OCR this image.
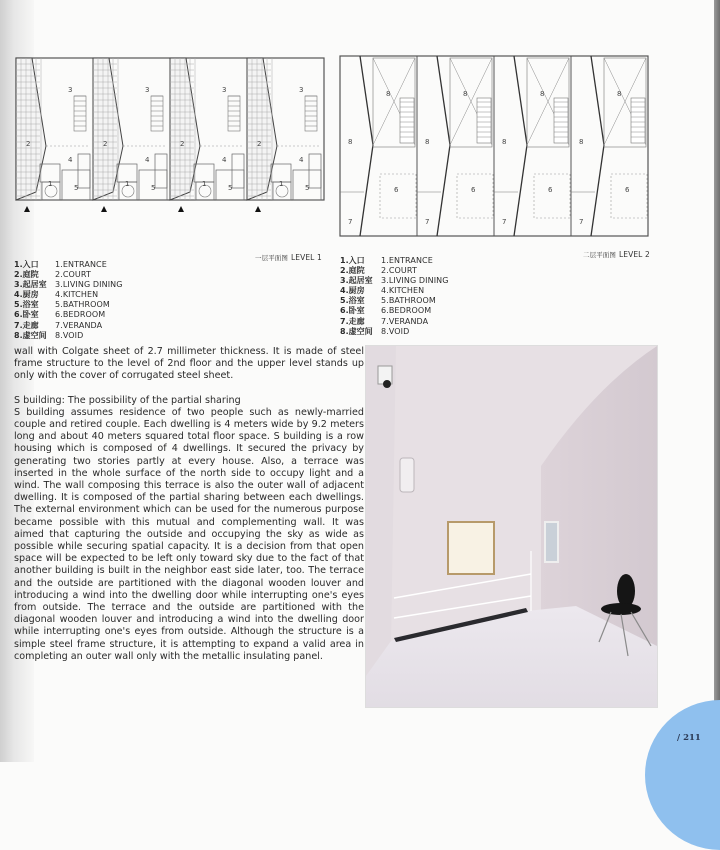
3
2
4
1	5
3
2
4
1	5
3
2
4
1	5
3
2
4
1	5
一层平面图 LEVEL 1
8
8
6
7
8
8
6
7
8
8
6
7
8
8
6
7
二层平面图 LEVEL 2
1.入口	1.ENTRANCE
2.庭院	2.COURT
3.起居室	3.LIVING DINING
4.厨房	4.KITCHEN
5.浴室	5.BATHROOM
6.卧室	6.BEDROOM
7.走廊	7.VERANDA
8.虚空间	8.VOID
1.入口	1.ENTRANCE
2.庭院	2.COURT
3.起居室	3.LIVING DINING
4.厨房	4.KITCHEN
5.浴室	5.BATHROOM
6.卧室	6.BEDROOM
7.走廊	7.VERANDA
8.虚空间	8.VOID

wall with Colgate sheet of 2.7 millimeter thickness. It is made of steel frame structure to the level of 2nd floor and the upper level stands up only with the cover of corrugated steel sheet.

S building: The possibility of the partial sharing
S building assumes residence of two people such as newly-married couple and retired couple. Each dwelling is 4 meters wide by 9.2 meters long and about 40 meters squared total floor space. S building is a row housing which is composed of 4 dwellings. It secured the privacy by generating two stories partly at every house. Also, a terrace was inserted in the whole surface of the north side to occupy light and a wind. The wall composing this terrace is also the outer wall of adjacent dwelling. It is composed of the partial sharing between each dwellings. The external environment which can be used for the numerous purpose became possible with this mutual and complementing wall. It was aimed that capturing the outside and occupying the sky as wide as possible while securing spatial capacity. It is a decision from that open space will be expected to be left only toward sky due to the fact of that another building is built in the neighbor east side later, too. The terrace and the outside are partitioned with the diagonal wooden louver and introducing a wind into the dwelling door while interrupting one's eyes from outside. The terrace and the outside are partitioned with the diagonal wooden louver and introducing a wind into the dwelling door while interrupting one's eyes from outside. Although the structure is a simple steel frame structure, it is attempting to expand a valid area in completing an outer wall only with the metallic insulating panel.

/ 211
